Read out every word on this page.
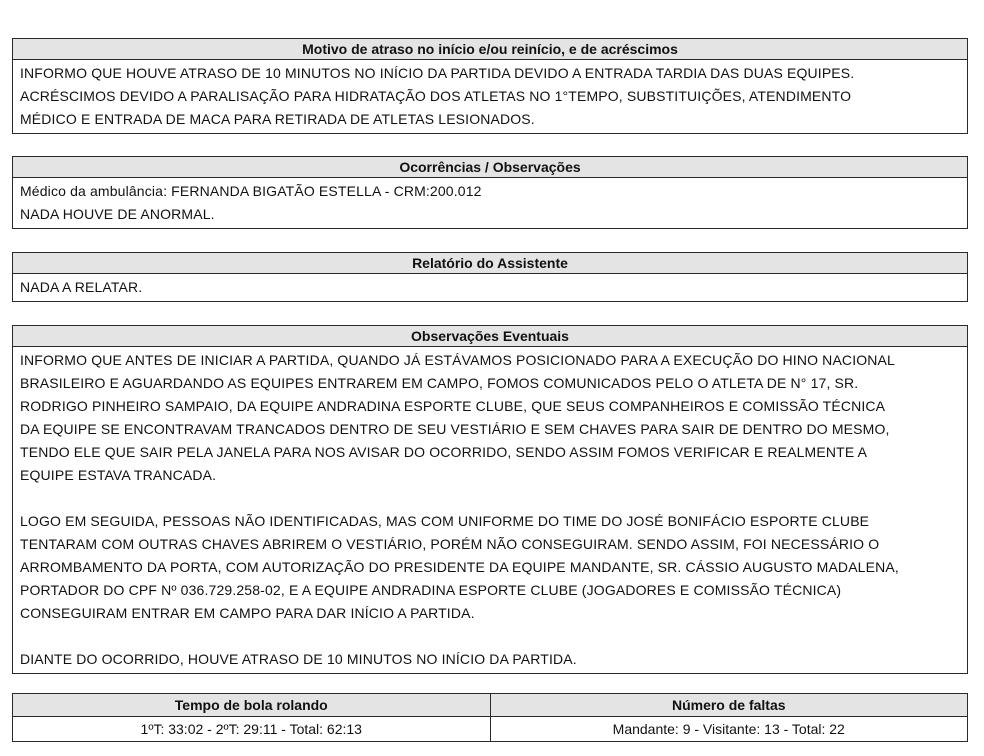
Motivo de atraso no início e/ou reinício, e de acréscimos

INFORMO QUE HOUVE ATRASO DE 10 MINUTOS NO INÍCIO DA PARTIDA DEVIDO A ENTRADA TARDIA DAS DUAS EQUIPES.

ACRÉSCIMOS DEVIDO A PARALISAÇÃO PARA HIDRATAÇÃO DOS ATLETAS NO 1°TEMPO, SUBSTITUIÇÕES, ATENDIMENTO

MÉDICO E ENTRADA DE MACA PARA RETIRADA DE ATLETAS LESIONADOS.

Ocorrências / Observações

Médico da ambulância: FERNANDA BIGATÃO ESTELLA - CRM:200.012

NADA HOUVE DE ANORMAL.

Relatório do Assistente

NADA A RELATAR.

Observações Eventuais

INFORMO QUE ANTES DE INICIAR A PARTIDA, QUANDO JÁ ESTÁVAMOS POSICIONADO PARA A EXECUÇÃO DO HINO NACIONAL

BRASILEIRO E AGUARDANDO AS EQUIPES ENTRAREM EM CAMPO, FOMOS COMUNICADOS PELO O ATLETA DE N° 17, SR.

RODRIGO PINHEIRO SAMPAIO, DA EQUIPE ANDRADINA ESPORTE CLUBE, QUE SEUS COMPANHEIROS E COMISSÃO TÉCNICA

DA EQUIPE SE ENCONTRAVAM TRANCADOS DENTRO DE SEU VESTIÁRIO E SEM CHAVES PARA SAIR DE DENTRO DO MESMO,

TENDO ELE QUE SAIR PELA JANELA PARA NOS AVISAR DO OCORRIDO, SENDO ASSIM FOMOS VERIFICAR E REALMENTE A

EQUIPE ESTAVA TRANCADA.

LOGO EM SEGUIDA, PESSOAS NÃO IDENTIFICADAS, MAS COM UNIFORME DO TIME DO JOSÉ BONIFÁCIO ESPORTE CLUBE

TENTARAM COM OUTRAS CHAVES ABRIREM O VESTIÁRIO, PORÉM NÃO CONSEGUIRAM. SENDO ASSIM, FOI NECESSÁRIO O

ARROMBAMENTO DA PORTA, COM AUTORIZAÇÃO DO PRESIDENTE DA EQUIPE MANDANTE, SR. CÁSSIO AUGUSTO MADALENA,

PORTADOR DO CPF Nº 036.729.258-02, E A EQUIPE ANDRADINA ESPORTE CLUBE (JOGADORES E COMISSÃO TÉCNICA)

CONSEGUIRAM ENTRAR EM CAMPO PARA DAR INÍCIO A PARTIDA.

DIANTE DO OCORRIDO, HOUVE ATRASO DE 10 MINUTOS NO INÍCIO DA PARTIDA.

Tempo de bola rolando
1ºT: 33:02 - 2ºT: 29:11 - Total: 62:13
Número de faltas
Mandante: 9 - Visitante: 13 - Total: 22
